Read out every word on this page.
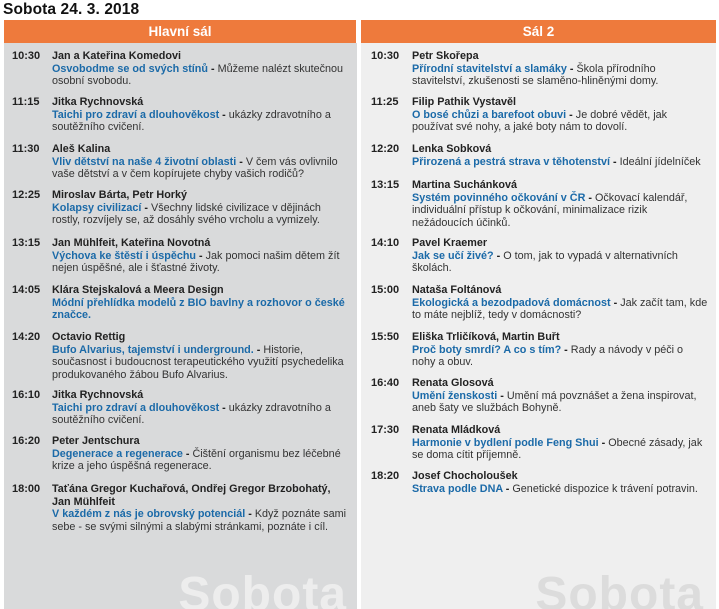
Sobota 24. 3. 2018
Hlavní sál
10:30	Jan a Kateřina Komedovi
Osvobodme se od svých stínů - Můžeme nalézt skutečnou osobní svobodu.
11:15	Jitka Rychnovská
Taichi pro zdraví a dlouhověkost - ukázky zdravotního a soutěžního cvičení.
11:30	Aleš Kalina
Vliv dětství na naše 4 životní oblasti - V čem vás ovlivnilo vaše dětství a v čem kopírujete chyby vašich rodičů?
12:25	Miroslav Bárta, Petr Horký
Kolapsy civilizací - Všechny lidské civilizace v dějinách rostly, rozvíjely se, až dosáhly svého vrcholu a vymizely.
13:15	Jan Mühlfeit, Kateřina Novotná
Výchova ke štěstí i úspěchu - Jak pomoci našim dětem žít nejen úspěšné, ale i šťastné životy.
14:05	Klára Stejskalová a Meera Design
Módní přehlídka modelů z BIO bavlny a rozhovor o české značce.
14:20	Octavio Rettig
Bufo Alvarius, tajemství i underground. - Historie, současnost i budoucnost terapeutického využití psychedelika produkovaného žábou Bufo Alvarius.
16:10	Jitka Rychnovská
Taichi pro zdraví a dlouhověkost - ukázky zdravotního a soutěžního cvičení.
16:20	Peter Jentschura
Degenerace a regenerace - Čištění organismu bez léčebné krize a jeho úspěšná regenerace.
18:00	Taťána Gregor Kuchařová, Ondřej Gregor Brzobohatý, Jan Mühlfeit
V každém z nás je obrovský potenciál - Když poznáte sami sebe - se svými silnými a slabými stránkami, poznáte i cíl.
Sobota
Sál 2
10:30	Petr Skořepa
Přírodní stavitelství a slamáky - Škola přírodního stavitelství, zkušenosti se slaměno-hliněnými domy.
11:25	Filip Pathik Vystavěl
O bosé chůzi a barefoot obuvi - Je dobré vědět, jak používat své nohy, a jaké boty nám to dovolí.
12:20	Lenka Sobková
Přirozená a pestrá strava v těhotenství - Ideální jídelníček
13:15	Martina Suchánková
Systém povinného očkování v ČR - Očkovací kalendář, individuální přístup k očkování, minimalizace rizik nežádoucích účinků.
14:10	Pavel Kraemer
Jak se učí živé? - O tom, jak to vypadá v alternativních školách.
15:00	Nataša Foltánová
Ekologická a bezodpadová domácnost - Jak začít tam, kde to máte nejblíž, tedy v domácnosti?
15:50	Eliška Trličíková, Martin Buřt
Proč boty smrdí? A co s tím? - Rady a návody v péči o nohy a obuv.
16:40	Renata Glosová
Umění ženskosti - Umění má povznášet a žena inspirovat, aneb šaty ve službách Bohyně.
17:30	Renata Mládková
Harmonie v bydlení podle Feng Shui - Obecné zásady, jak se doma cítit příjemně.
18:20	Josef Chocholoušek
Strava podle DNA - Genetické dispozice k trávení potravin.
Sobota
